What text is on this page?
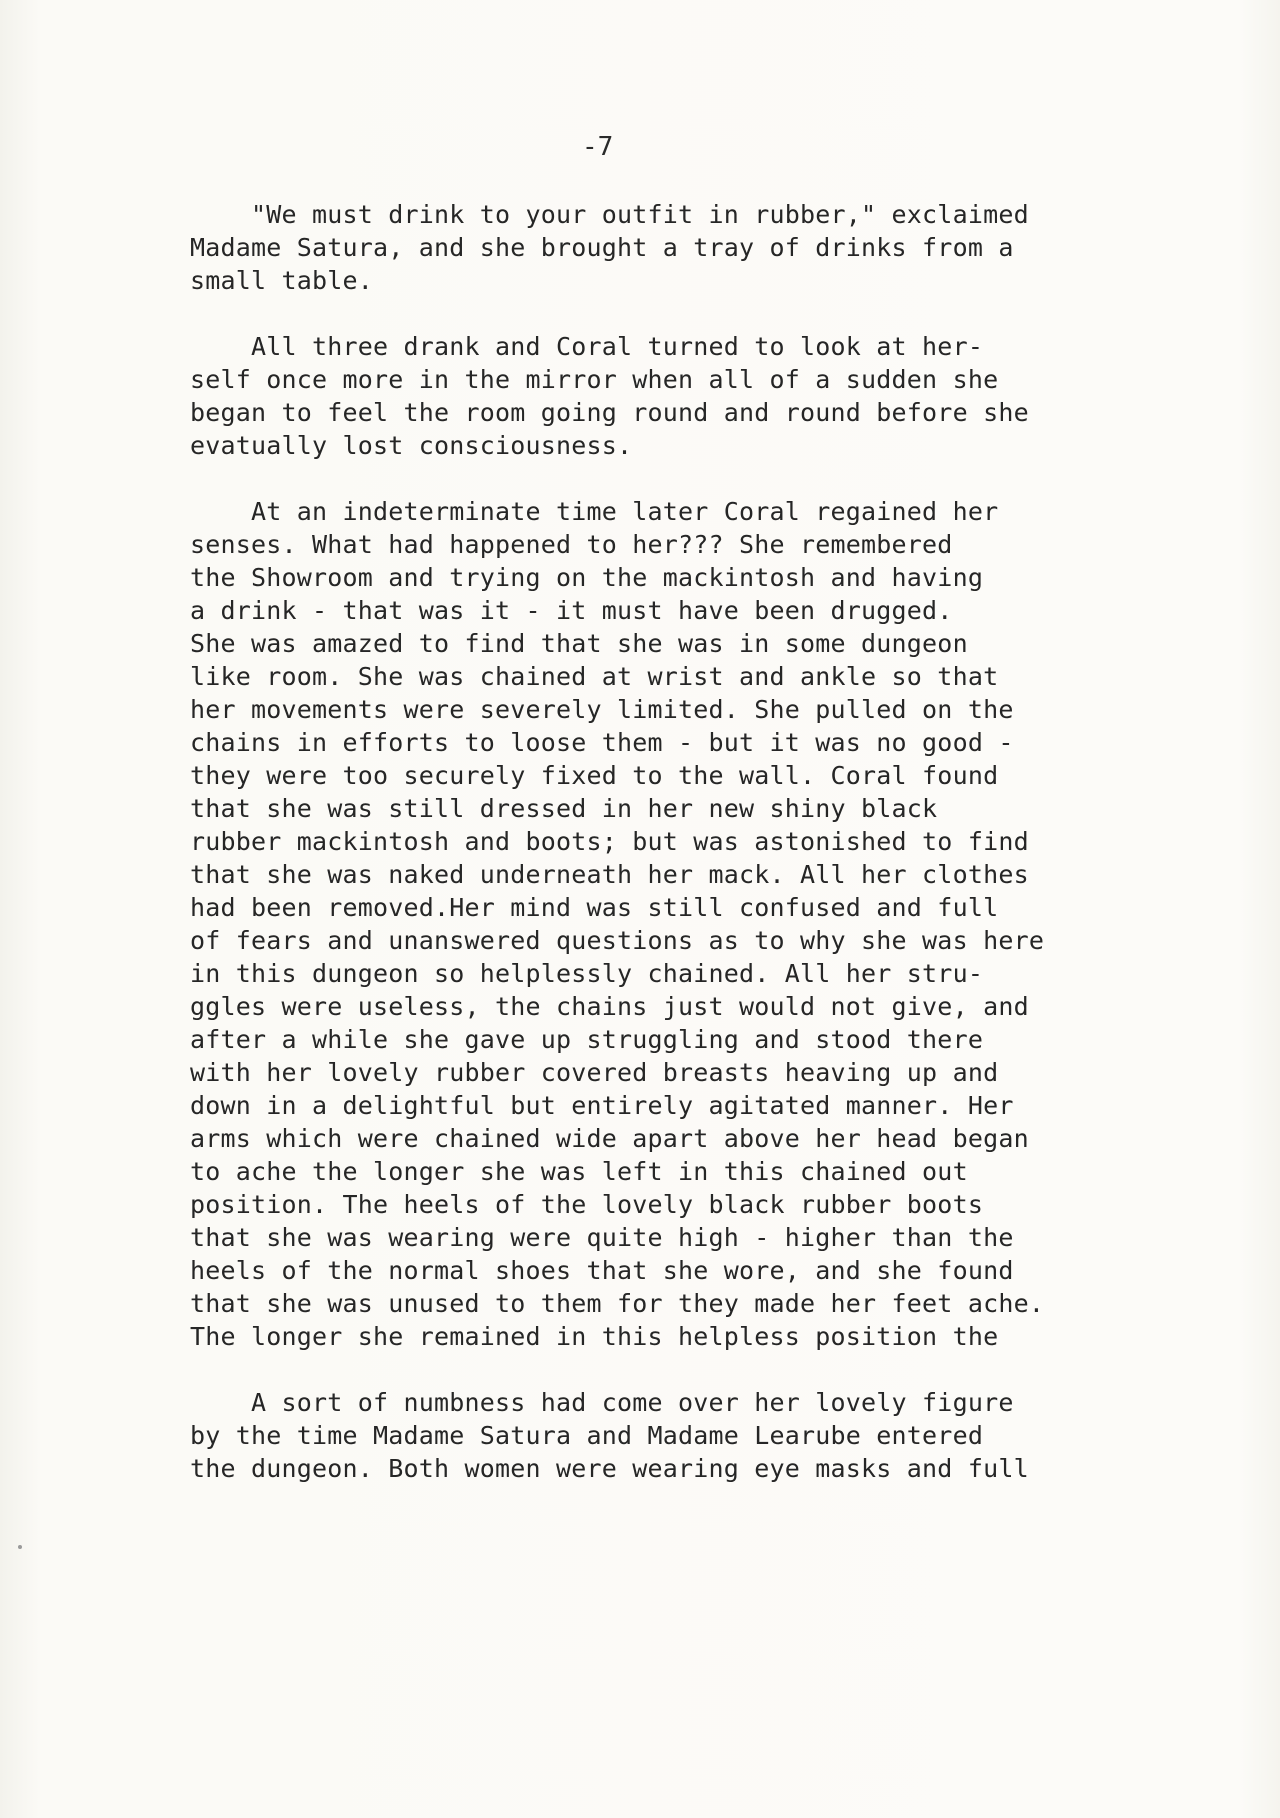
-7
"We must drink to your outfit in rubber," exclaimed
Madame Satura, and she brought a tray of drinks from a
small table.
All three drank and Coral turned to look at her-
self once more in the mirror when all of a sudden she
began to feel the room going round and round before she
evatually lost consciousness.
At an indeterminate time later Coral regained her
senses. What had happened to her??? She remembered
the Showroom and trying on the mackintosh and having
a drink - that was it - it must have been drugged.
She was amazed to find that she was in some dungeon
like room. She was chained at wrist and ankle so that
her movements were severely limited. She pulled on the
chains in efforts to loose them - but it was no good -
they were too securely fixed to the wall. Coral found
that she was still dressed in her new shiny black
rubber mackintosh and boots; but was astonished to find
that she was naked underneath her mack. All her clothes
had been removed.Her mind was still confused and full
of fears and unanswered questions as to why she was here
in this dungeon so helplessly chained. All her stru-
ggles were useless, the chains just would not give, and
after a while she gave up struggling and stood there
with her lovely rubber covered breasts heaving up and
down in a delightful but entirely agitated manner. Her
arms which were chained wide apart above her head began
to ache the longer she was left in this chained out
position. The heels of the lovely black rubber boots
that she was wearing were quite high - higher than the
heels of the normal shoes that she wore, and she found
that she was unused to them for they made her feet ache.
The longer she remained in this helpless position the
A sort of numbness had come over her lovely figure
by the time Madame Satura and Madame Learube entered
the dungeon. Both women were wearing eye masks and full
